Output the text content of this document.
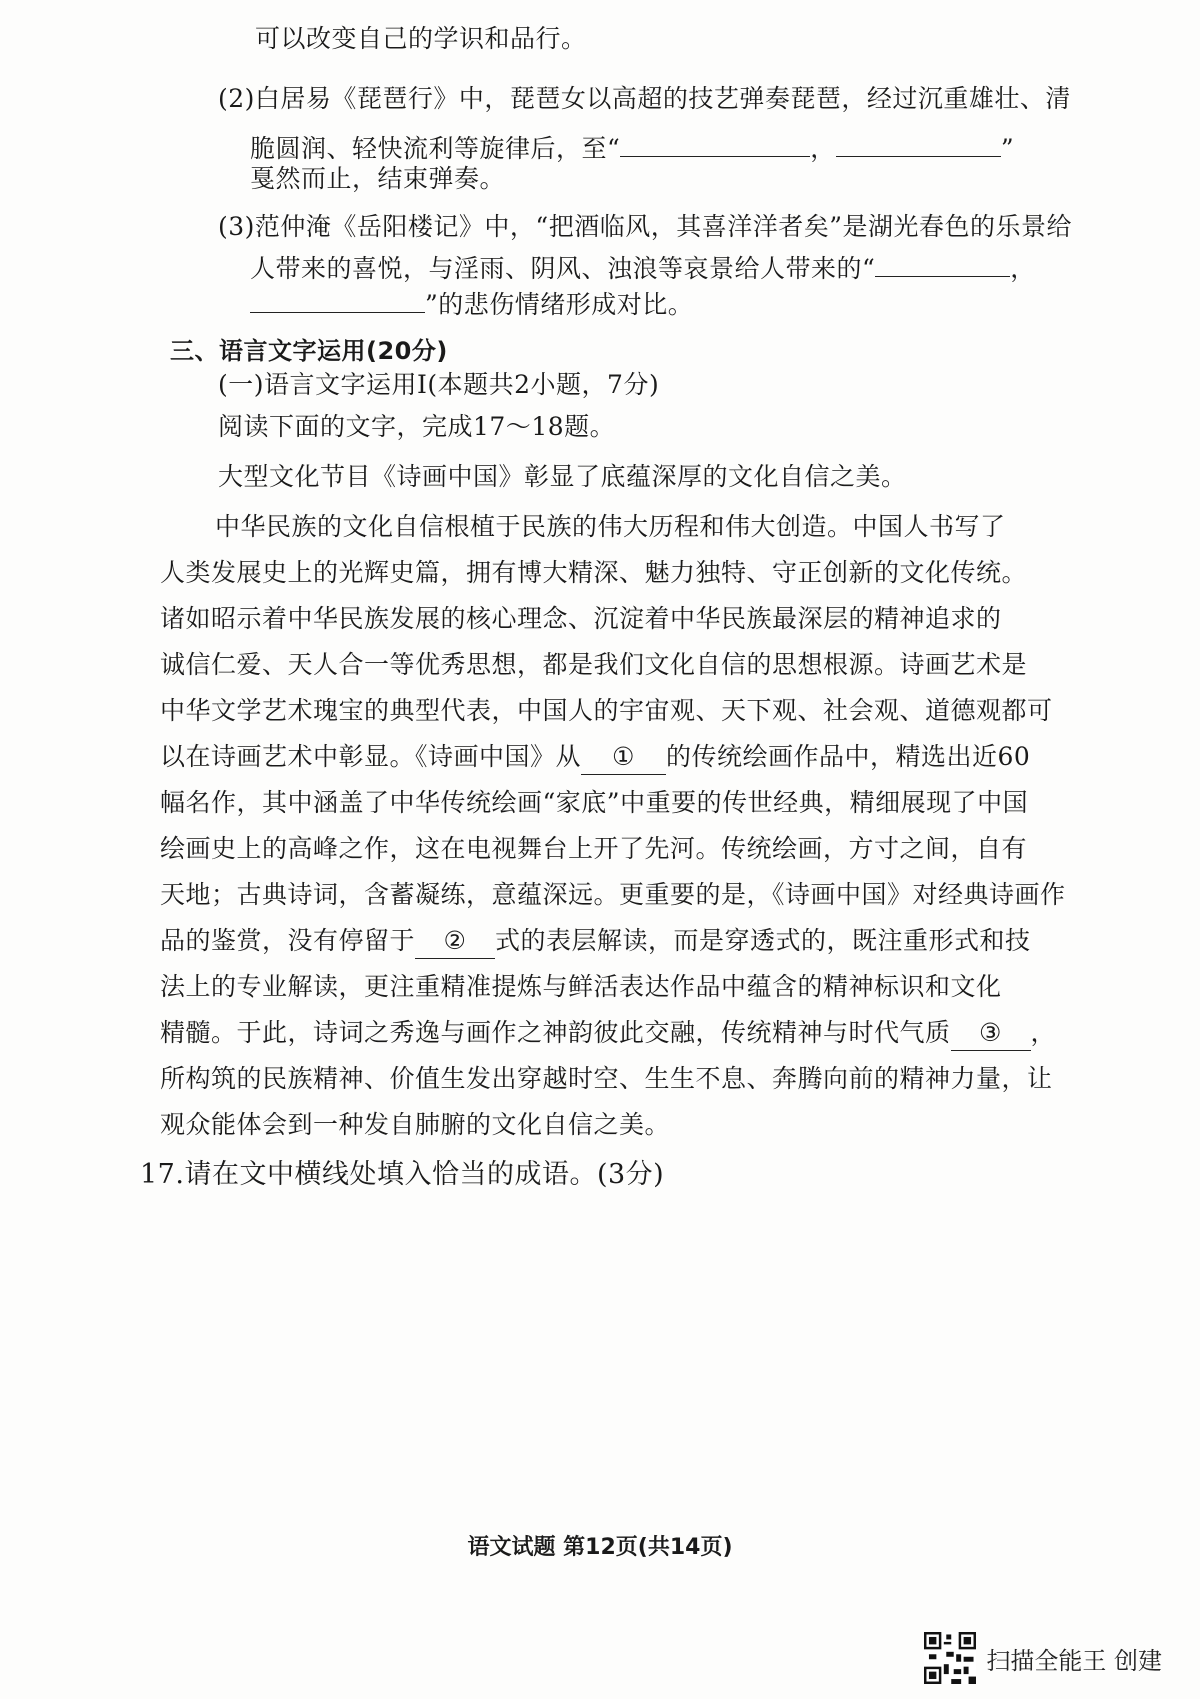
可以改变自己的学识和品行。
(2)白居易《琵琶行》中，琵琶女以高超的技艺弹奏琵琶，经过沉重雄壮、清
脆圆润、轻快流利等旋律后，至“	，	”
戛然而止，结束弹奏。
(3)范仲淹《岳阳楼记》中，“把酒临风，其喜洋洋者矣”是湖光春色的乐景给
人带来的喜悦，与淫雨、阴风、浊浪等哀景给人带来的“	，
”的悲伤情绪形成对比。
三、语言文字运用(20分)
(一)语言文字运用Ⅰ(本题共2小题，7分)
阅读下面的文字，完成17～18题。
大型文化节目《诗画中国》彰显了底蕴深厚的文化自信之美。
中华民族的文化自信根植于民族的伟大历程和伟大创造。中国人书写了
人类发展史上的光辉史篇，拥有博大精深、魅力独特、守正创新的文化传统。
诸如昭示着中华民族发展的核心理念、沉淀着中华民族最深层的精神追求的
诚信仁爱、天人合一等优秀思想，都是我们文化自信的思想根源。诗画艺术是
中华文学艺术瑰宝的典型代表，中国人的宇宙观、天下观、社会观、道德观都可
以在诗画艺术中彰显。《诗画中国》从 ① 的传统绘画作品中，精选出近60
幅名作，其中涵盖了中华传统绘画“家底”中重要的传世经典，精细展现了中国
绘画史上的高峰之作，这在电视舞台上开了先河。传统绘画，方寸之间，自有
天地；古典诗词，含蓄凝练，意蕴深远。更重要的是，《诗画中国》对经典诗画作
品的鉴赏，没有停留于 ② 式的表层解读，而是穿透式的，既注重形式和技
法上的专业解读，更注重精准提炼与鲜活表达作品中蕴含的精神标识和文化
精髓。于此，诗词之秀逸与画作之神韵彼此交融，传统精神与时代气质 ③ ，
所构筑的民族精神、价值生发出穿越时空、生生不息、奔腾向前的精神力量，让
观众能体会到一种发自肺腑的文化自信之美。
17.请在文中横线处填入恰当的成语。(3分)
语文试题 第12页(共14页)
扫描全能王 创建
